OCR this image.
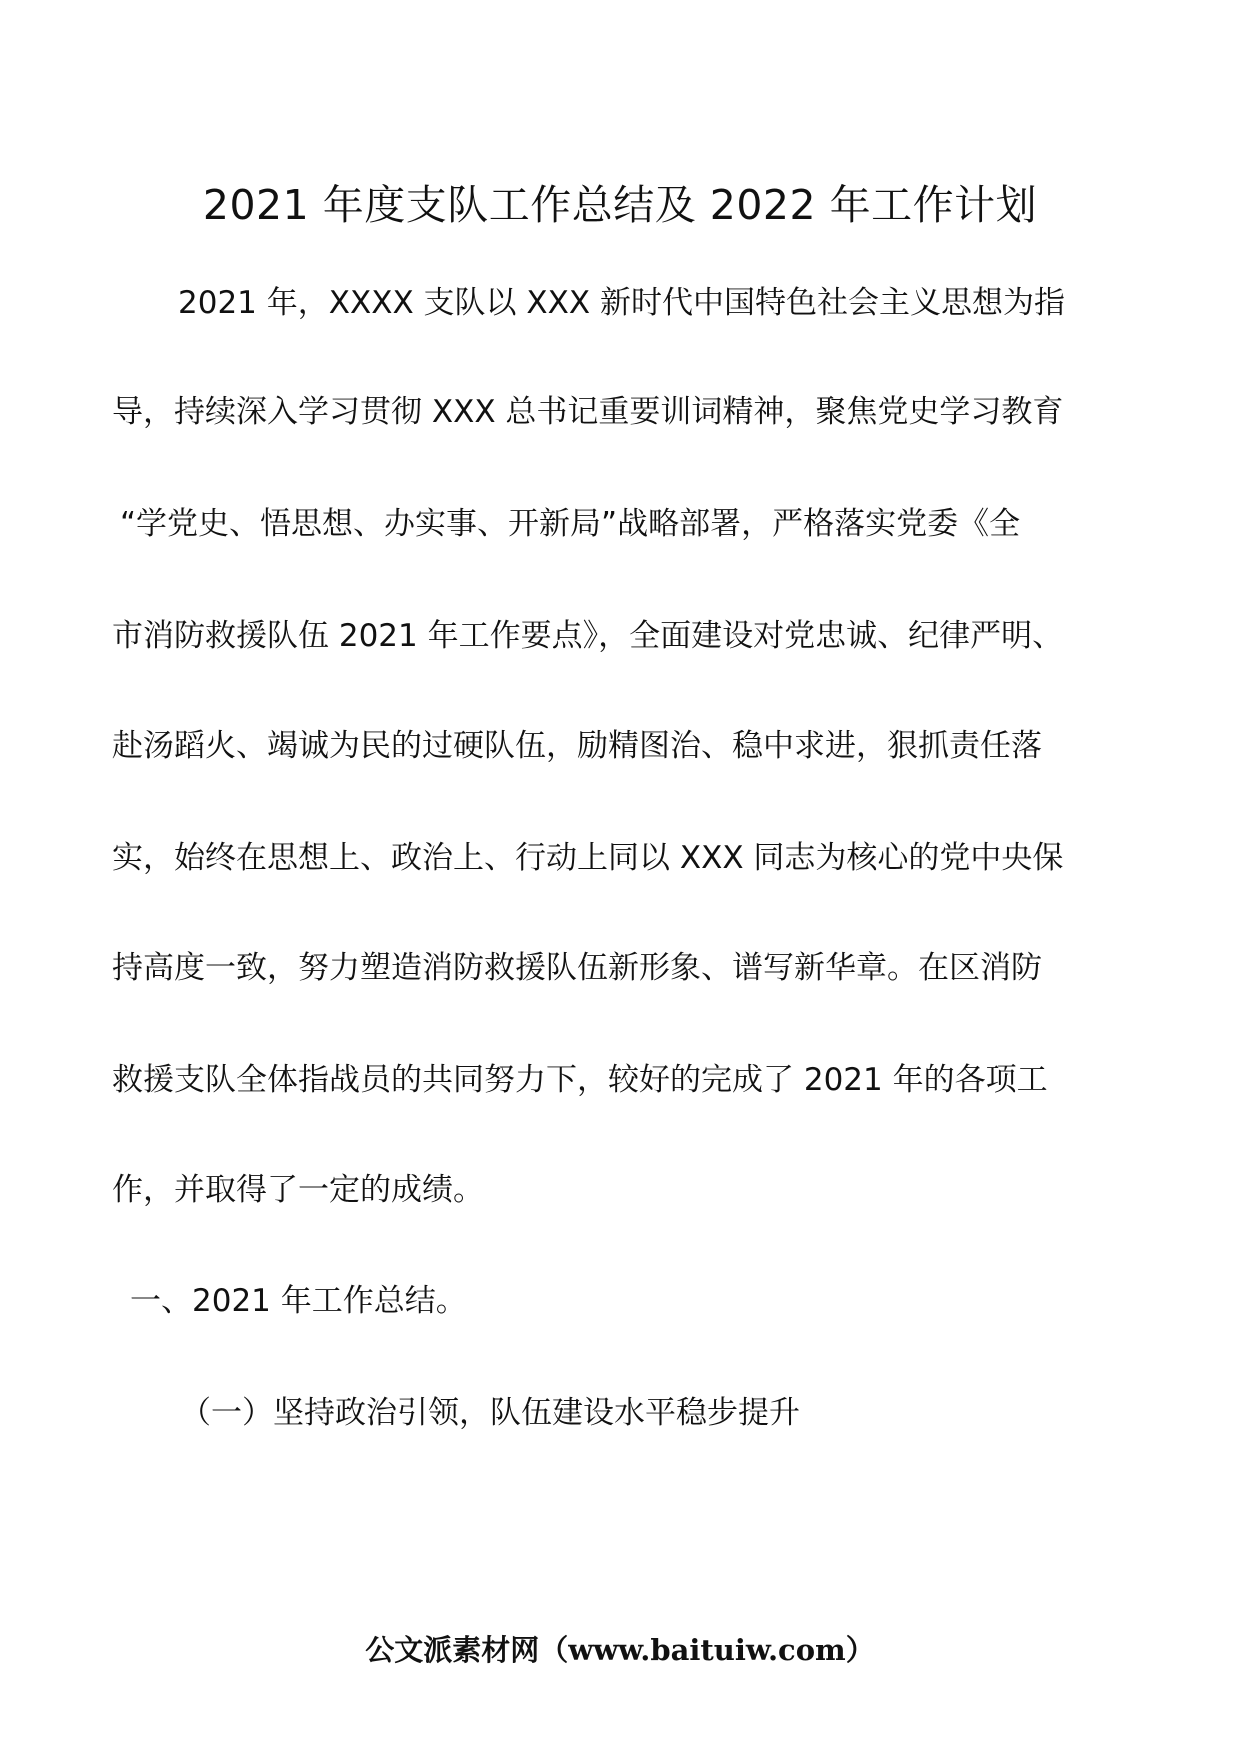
2021 年度支队工作总结及 2022 年工作计划
2021 年，XXXX 支队以 XXX 新时代中国特色社会主义思想为指
导，持续深入学习贯彻 XXX 总书记重要训词精神，聚焦党史学习教育
“学党史、悟思想、办实事、开新局”战略部署，严格落实党委《全
市消防救援队伍 2021 年工作要点》，全面建设对党忠诚、纪律严明、
赴汤蹈火、竭诚为民的过硬队伍，励精图治、稳中求进，狠抓责任落
实，始终在思想上、政治上、行动上同以 XXX 同志为核心的党中央保
持高度一致，努力塑造消防救援队伍新形象、谱写新华章。在区消防
救援支队全体指战员的共同努力下，较好的完成了 2021 年的各项工
作，并取得了一定的成绩。
一、2021 年工作总结。
（一）坚持政治引领，队伍建设水平稳步提升
公文派素材网（www.baituiw.com）
